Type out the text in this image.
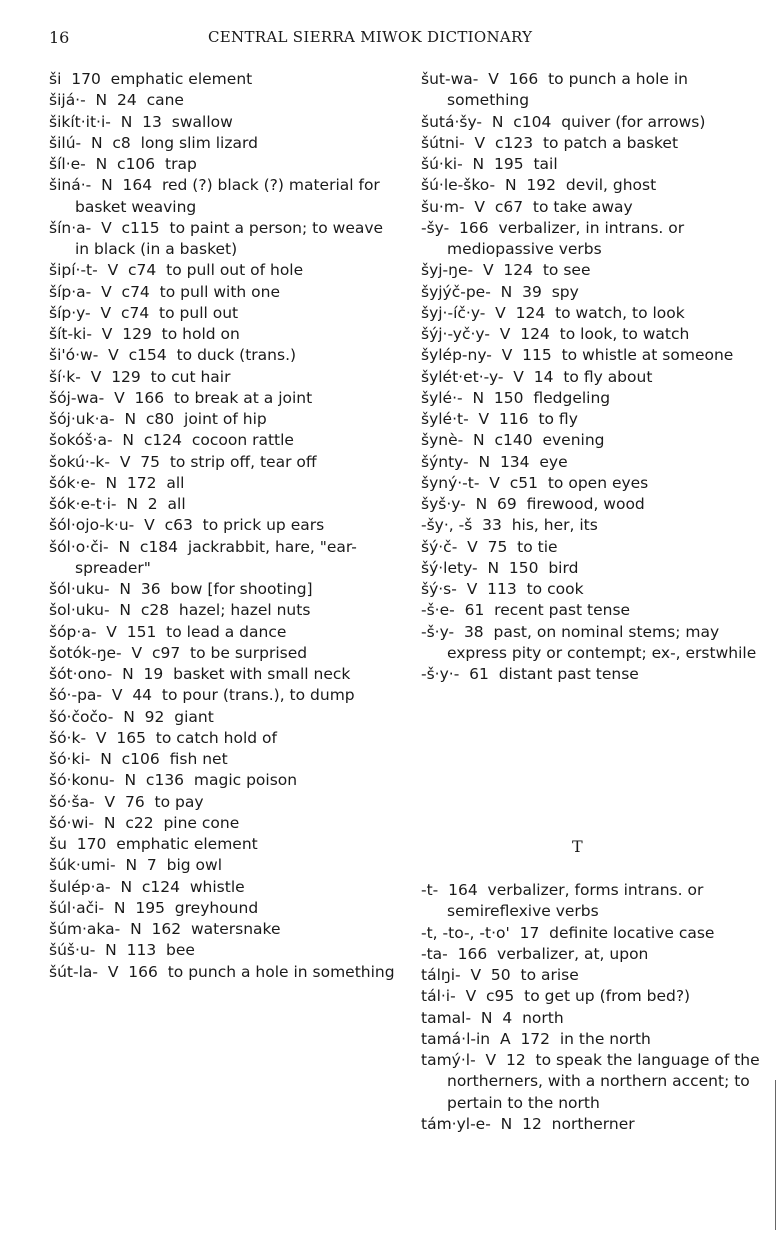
16	CENTRAL SIERRA MIWOK DICTIONARY
ši  170  emphatic element
šijá·-  N  24  cane
šikít·it·i-  N  13  swallow
šilú-  N  c8  long slim lizard
šíl·e-  N  c106  trap
šiná·-  N  164  red (?) black (?) material for basket weaving
šín·a-  V  c115  to paint a person; to weave in black (in a basket)
šipí·-t-  V  c74  to pull out of hole
šíp·a-  V  c74  to pull with one
šíp·y-  V  c74  to pull out
šít-ki-  V  129  to hold on
ši'ó·w-  V  c154  to duck (trans.)
ší·k-  V  129  to cut hair
šój-wa-  V  166  to break at a joint
šój·uk·a-  N  c80  joint of hip
šokóš·a-  N  c124  cocoon rattle
šokú·-k-  V  75  to strip off, tear off
šók·e-  N  172  all
šók·e-t·i-  N  2  all
šól·ojo-k·u-  V  c63  to prick up ears
šól·o·či-  N  c184  jackrabbit, hare, "ear-spreader"
šól·uku-  N  36  bow [for shooting]
šol·uku-  N  c28  hazel; hazel nuts
šóp·a-  V  151  to lead a dance
šotók-ŋe-  V  c97  to be surprised
šót·ono-  N  19  basket with small neck
šó·-pa-  V  44  to pour (trans.), to dump
šó·čočo-  N  92  giant
šó·k-  V  165  to catch hold of
šó·ki-  N  c106  fish net
šó·konu-  N  c136  magic poison
šó·ša-  V  76  to pay
šó·wi-  N  c22  pine cone
šu  170  emphatic element
šúk·umi-  N  7  big owl
šulép·a-  N  c124  whistle
šúl·ači-  N  195  greyhound
šúm·aka-  N  162  watersnake
šúš·u-  N  113  bee
šút-la-  V  166  to punch a hole in something
šut-wa-  V  166  to punch a hole in something
šutá·šy-  N  c104  quiver (for arrows)
šútni-  V  c123  to patch a basket
šú·ki-  N  195  tail
šú·le-ško-  N  192  devil, ghost
šu·m-  V  c67  to take away
-šy-  166  verbalizer, in intrans. or mediopassive verbs
šyj-ŋe-  V  124  to see
šyjýč-pe-  N  39  spy
šyj·-íč·y-  V  124  to watch, to look
šýj·-yč·y-  V  124  to look, to watch
šylép-ny-  V  115  to whistle at someone
šylét·et·-y-  V  14  to fly about
šylé·-  N  150  fledgeling
šylé·t-  V  116  to fly
šynè-  N  c140  evening
šýnty-  N  134  eye
šyný·-t-  V  c51  to open eyes
šyš·y-  N  69  firewood, wood
-šy·, -š  33  his, her, its
šý·č-  V  75  to tie
šý·lety-  N  150  bird
šý·s-  V  113  to cook
-š·e-  61  recent past tense
-š·y-  38  past, on nominal stems; may express pity or contempt; ex-, erstwhile
-š·y·-  61  distant past tense
T
-t-  164  verbalizer, forms intrans. or semireflexive verbs
-t, -to-, -t·o'  17  definite locative case
-ta-  166  verbalizer, at, upon
tálŋi-  V  50  to arise
tál·i-  V  c95  to get up (from bed?)
tamal-  N  4  north
tamá·l-in  A  172  in the north
tamý·l-  V  12  to speak the language of the northerners, with a northern accent; to pertain to the north
tám·yl-e-  N  12  northerner
